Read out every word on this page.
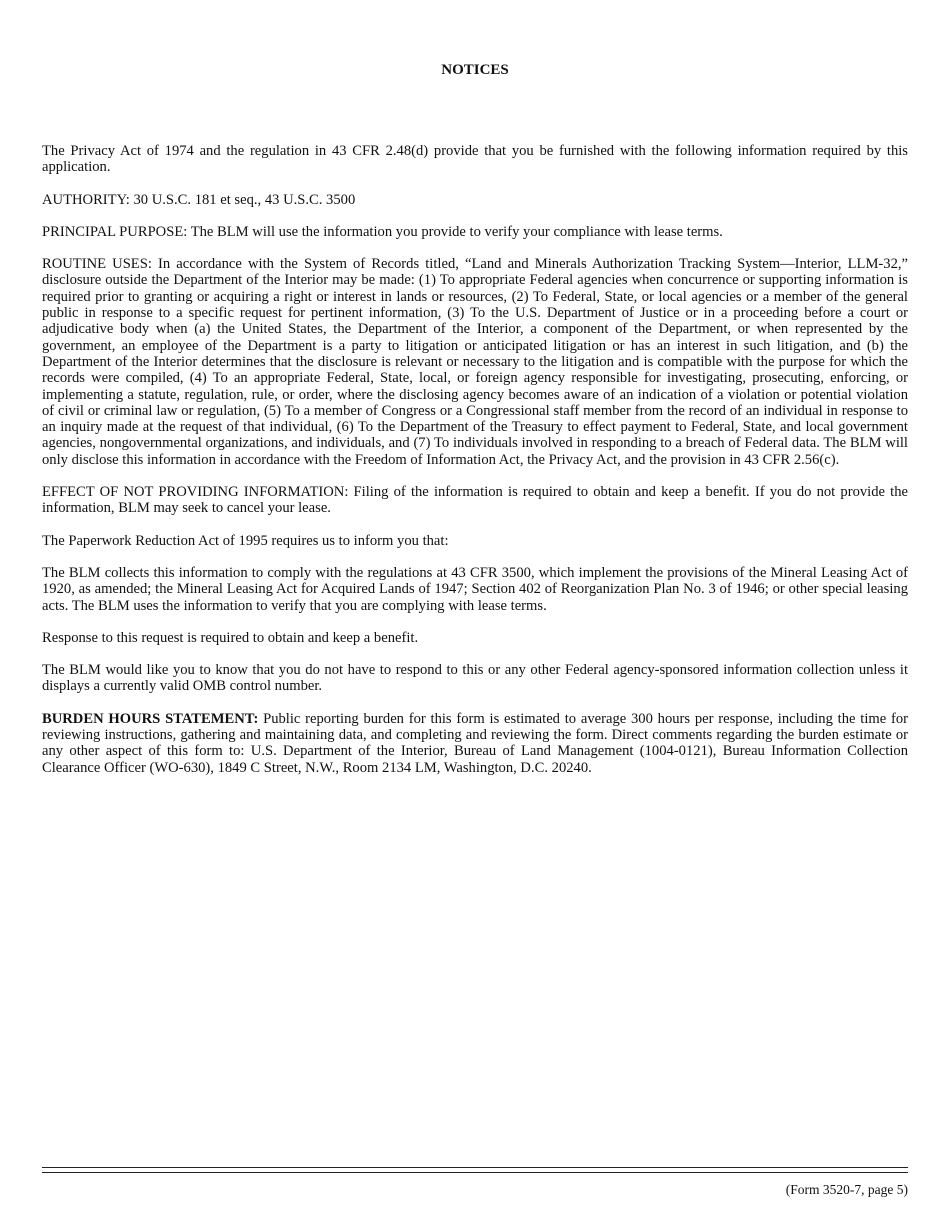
NOTICES

The Privacy Act of 1974 and the regulation in 43 CFR 2.48(d) provide that you be furnished with the following information required by this application.

AUTHORITY: 30 U.S.C. 181 et seq., 43 U.S.C. 3500

PRINCIPAL PURPOSE: The BLM will use the information you provide to verify your compliance with lease terms.

ROUTINE USES: In accordance with the System of Records titled, “Land and Minerals Authorization Tracking System—Interior, LLM-32,” disclosure outside the Department of the Interior may be made: (1) To appropriate Federal agencies when concurrence or supporting information is required prior to granting or acquiring a right or interest in lands or resources, (2) To Federal, State, or local agencies or a member of the general public in response to a specific request for pertinent information, (3) To the U.S. Department of Justice or in a proceeding before a court or adjudicative body when (a) the United States, the Department of the Interior, a component of the Department, or when represented by the government, an employee of the Department is a party to litigation or anticipated litigation or has an interest in such litigation, and (b) the Department of the Interior determines that the disclosure is relevant or necessary to the litigation and is compatible with the purpose for which the records were compiled, (4) To an appropriate Federal, State, local, or foreign agency responsible for investigating, prosecuting, enforcing, or implementing a statute, regulation, rule, or order, where the disclosing agency becomes aware of an indication of a violation or potential violation of civil or criminal law or regulation, (5) To a member of Congress or a Congressional staff member from the record of an individual in response to an inquiry made at the request of that individual, (6) To the Department of the Treasury to effect payment to Federal, State, and local government agencies, nongovernmental organizations, and individuals, and (7) To individuals involved in responding to a breach of Federal data. The BLM will only disclose this information in accordance with the Freedom of Information Act, the Privacy Act, and the provision in 43 CFR 2.56(c).

EFFECT OF NOT PROVIDING INFORMATION: Filing of the information is required to obtain and keep a benefit. If you do not provide the information, BLM may seek to cancel your lease.

The Paperwork Reduction Act of 1995 requires us to inform you that:

The BLM collects this information to comply with the regulations at 43 CFR 3500, which implement the provisions of the Mineral Leasing Act of 1920, as amended; the Mineral Leasing Act for Acquired Lands of 1947; Section 402 of Reorganization Plan No. 3 of 1946; or other special leasing acts. The BLM uses the information to verify that you are complying with lease terms.

Response to this request is required to obtain and keep a benefit.

The BLM would like you to know that you do not have to respond to this or any other Federal agency-sponsored information collection unless it displays a currently valid OMB control number.

BURDEN HOURS STATEMENT: Public reporting burden for this form is estimated to average 300 hours per response, including the time for reviewing instructions, gathering and maintaining data, and completing and reviewing the form. Direct comments regarding the burden estimate or any other aspect of this form to: U.S. Department of the Interior, Bureau of Land Management (1004-0121), Bureau Information Collection Clearance Officer (WO-630), 1849 C Street, N.W., Room 2134 LM, Washington, D.C. 20240.

(Form 3520-7, page 5)
